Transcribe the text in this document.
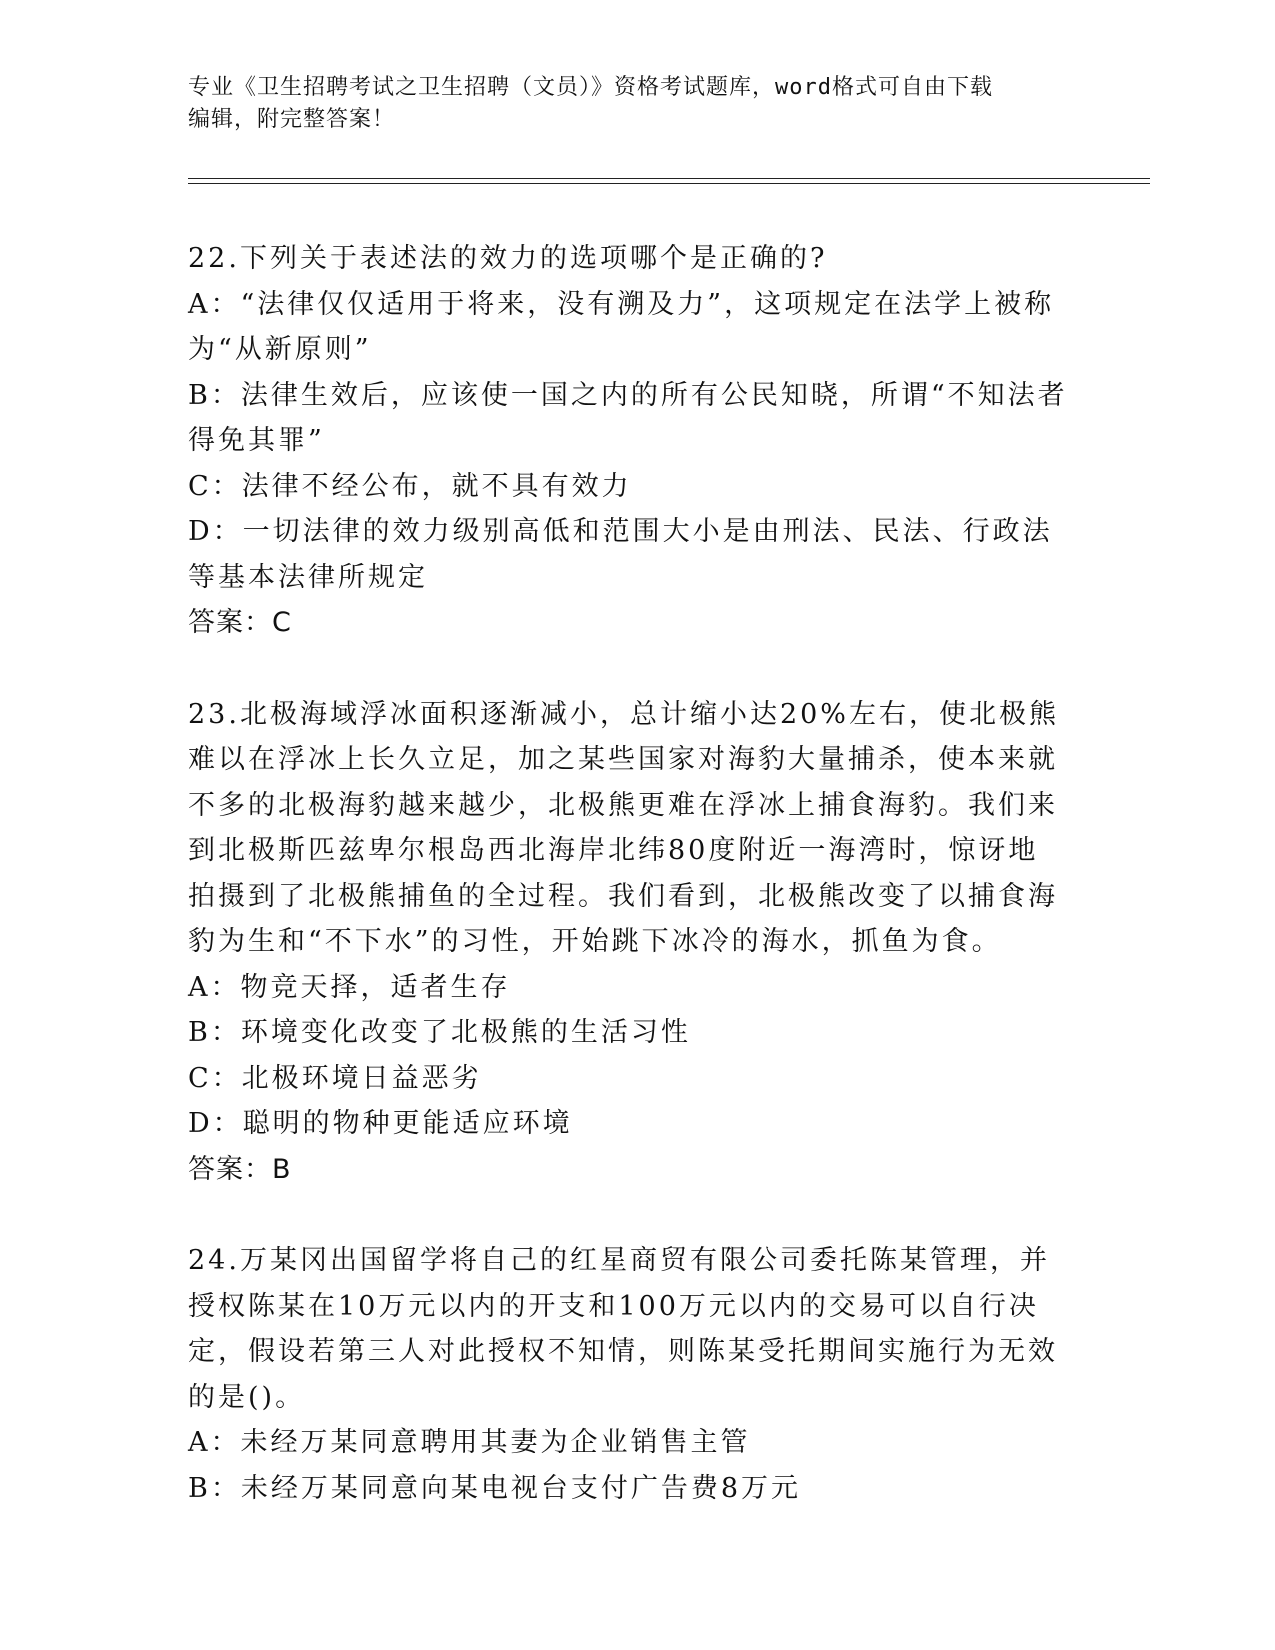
专业《卫生招聘考试之卫生招聘（文员）》资格考试题库，word格式可自由下载
编辑，附完整答案！

22.下列关于表述法的效力的选项哪个是正确的?

A：“法律仅仅适用于将来，没有溯及力”，这项规定在法学上被称为“从新原则”

B：法律生效后，应该使一国之内的所有公民知晓，所谓“不知法者得免其罪”

C：法律不经公布，就不具有效力

D：一切法律的效力级别高低和范围大小是由刑法、民法、行政法等基本法律所规定

答案：C

23.北极海域浮冰面积逐渐减小，总计缩小达20%左右，使北极熊难以在浮冰上长久立足，加之某些国家对海豹大量捕杀，使本来就不多的北极海豹越来越少，北极熊更难在浮冰上捕食海豹。我们来到北极斯匹兹卑尔根岛西北海岸北纬80度附近一海湾时，惊讶地拍摄到了北极熊捕鱼的全过程。我们看到，北极熊改变了以捕食海豹为生和“不下水”的习性，开始跳下冰冷的海水，抓鱼为食。

A：物竞天择，适者生存

B：环境变化改变了北极熊的生活习性

C：北极环境日益恶劣

D：聪明的物种更能适应环境

答案：B

24.万某冈出国留学将自己的红星商贸有限公司委托陈某管理，并授权陈某在10万元以内的开支和100万元以内的交易可以自行决定，假设若第三人对此授权不知情，则陈某受托期间实施行为无效的是()。

A：未经万某同意聘用其妻为企业销售主管

B：未经万某同意向某电视台支付广告费8万元
